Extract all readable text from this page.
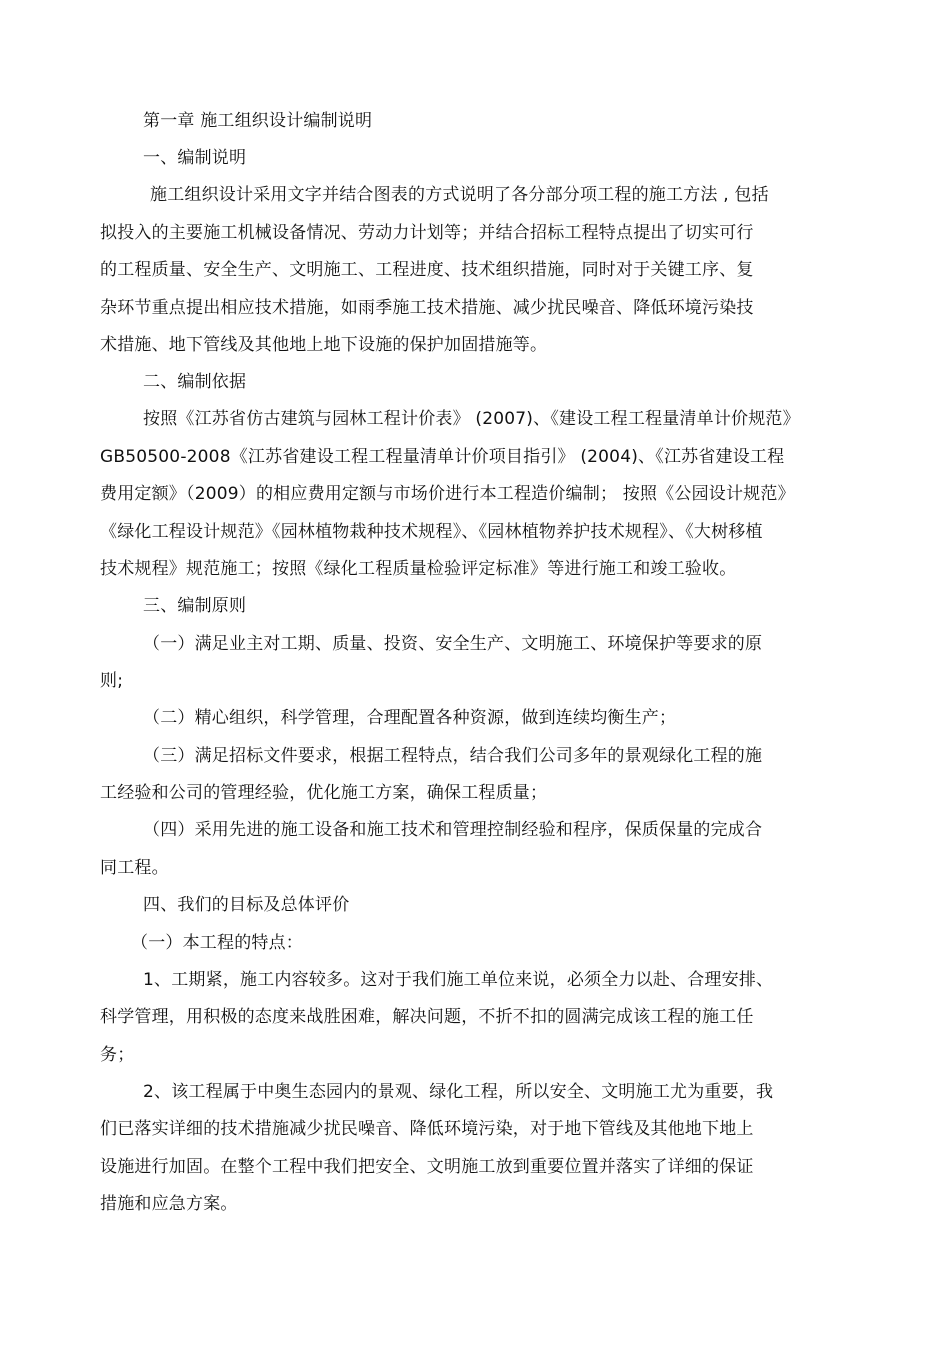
第一章 施工组织设计编制说明
一、编制说明
施工组织设计采用文字并结合图表的方式说明了各分部分项工程的施工方法 , 包括
拟投入的主要施工机械设备情况、劳动力计划等；并结合招标工程特点提出了切实可行
的工程质量、安全生产、文明施工、工程进度、技术组织措施，同时对于关键工序、复
杂环节重点提出相应技术措施，如雨季施工技术措施、减少扰民噪音、降低环境污染技
术措施、地下管线及其他地上地下设施的保护加固措施等。
二、编制依据
按照《江苏省仿古建筑与园林工程计价表》 (2007)、《建设工程工程量清单计价规范》
GB50500-2008《江苏省建设工程工程量清单计价项目指引》 (2004)、《江苏省建设工程
费用定额》（2009）的相应费用定额与市场价进行本工程造价编制； 按照《公园设计规范》
《绿化工程设计规范》《园林植物栽种技术规程》、《园林植物养护技术规程》、《大树移植
技术规程》规范施工；按照《绿化工程质量检验评定标准》等进行施工和竣工验收。
三、编制原则
（一）满足业主对工期、质量、投资、安全生产、文明施工、环境保护等要求的原
则;
（二）精心组织，科学管理，合理配置各种资源，做到连续均衡生产；
（三）满足招标文件要求，根据工程特点，结合我们公司多年的景观绿化工程的施
工经验和公司的管理经验，优化施工方案，确保工程质量；
（四）采用先进的施工设备和施工技术和管理控制经验和程序，保质保量的完成合
同工程。
四、我们的目标及总体评价
（一）本工程的特点：
1、工期紧，施工内容较多。这对于我们施工单位来说，必须全力以赴、合理安排、
科学管理，用积极的态度来战胜困难，解决问题，不折不扣的圆满完成该工程的施工任
务；
2、该工程属于中奥生态园内的景观、绿化工程，所以安全、文明施工尤为重要，我
们已落实详细的技术措施减少扰民噪音、降低环境污染，对于地下管线及其他地下地上
设施进行加固。在整个工程中我们把安全、文明施工放到重要位置并落实了详细的保证
措施和应急方案。
